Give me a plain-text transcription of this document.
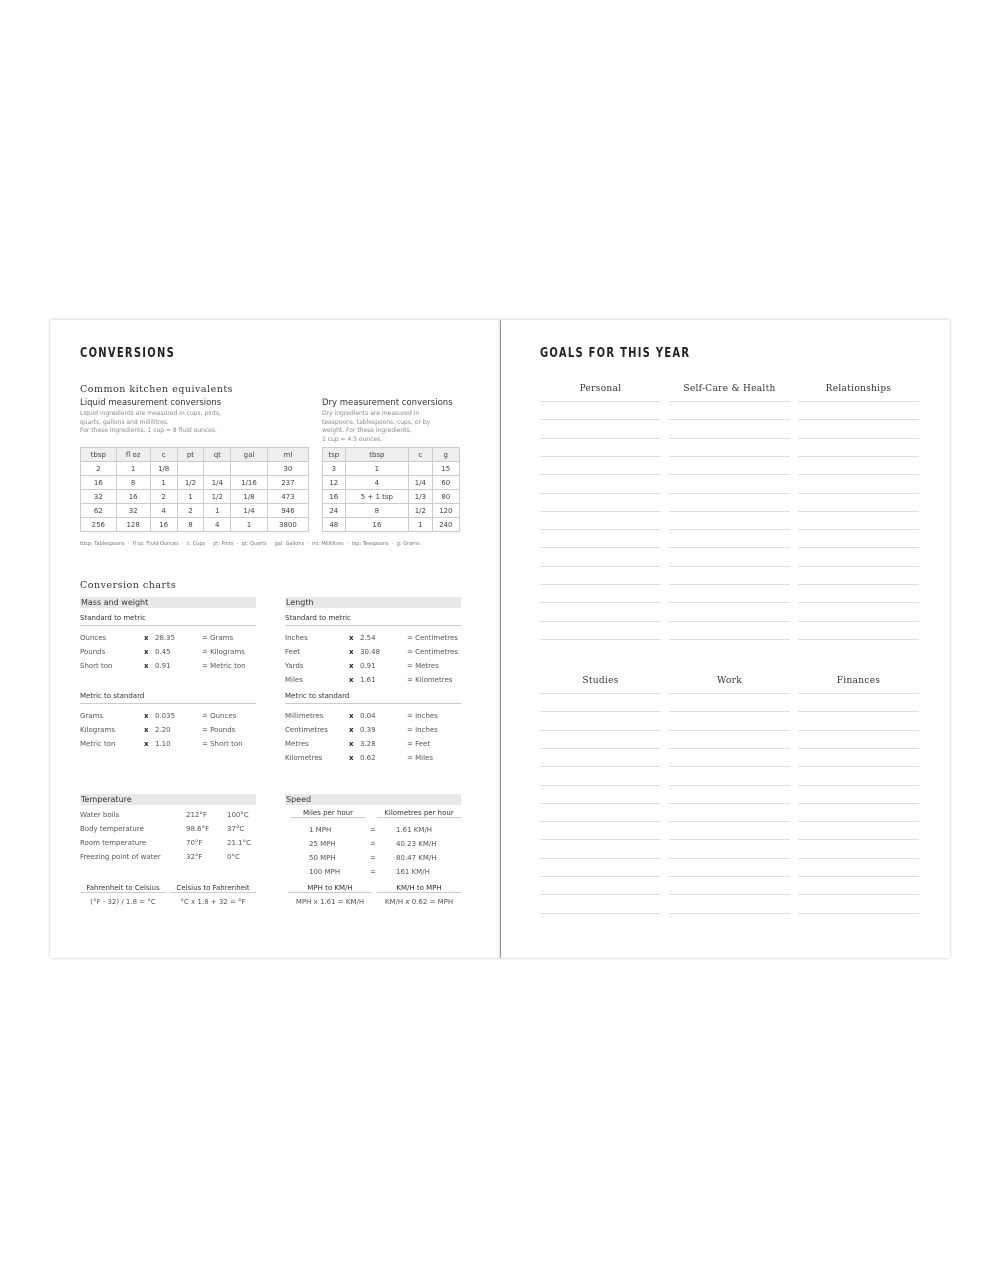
CONVERSIONS
Common kitchen equivalents
Liquid measurement conversions
Liquid ingredients are measured in cups, pints,
quarts, gallons and millilitres.
For these ingredients, 1 cup = 8 fluid ounces.
Dry measurement conversions
Dry ingredients are measured in
teaspoons, tablespoons, cups, or by
weight. For these ingredients,
1 cup = 4.5 ounces.
tbsp	fl oz	c	pt	qt	gal	ml
2	1	1/8				30
16	8	1	1/2	1/4	1/16	237
32	16	2	1	1/2	1/8	473
62	32	4	2	1	1/4	946
256	128	16	8	4	1	3800
tsp	tbsp	c	g
3	1		15
12	4	1/4	60
16	5 + 1 tsp	1/3	80
24	8	1/2	120
48	16	1	240
tbsp: Tablespoons  ·  fl oz: Fluid Ounces  ·  c: Cups  ·  pt: Pints  ·  qt: Quarts  ·  gal: Gallons  ·  ml: Millilitres  ·  tsp: Teaspoons  ·  g: Grams
Conversion charts
Mass and weight
Standard to metric
Ounces	x 28.35	= Grams
Pounds	x 0.45	= Kilograms
Short ton	x 0.91	= Metric ton
Metric to standard
Grams	x 0.035	= Ounces
Kilograms	x 2.20	= Pounds
Metric ton	x 1.10	= Short ton
Length
Standard to metric
Inches	x 2.54	= Centimetres
Feet	x 30.48	= Centimetres
Yards	x 0.91	= Metres
Miles	x 1.61	= Kilometres
Metric to standard
Millimetres	x 0.04	= Inches
Centimetres	x 0.39	= Inches
Metres	x 3.28	= Feet
Kilometres	x 0.62	= Miles
Temperature
Water boils	212°F	100°C
Body temperature	98.6°F	37°C
Room temperature	70°F	21.1°C
Freezing point of water	32°F	0°C
Fahrenheit to Celsius
(°F - 32) / 1.8 = °C
Celsius to Fahrenheit
°C x 1.8 + 32 = °F
Speed
Miles per hour	Kilometres per hour
1 MPH	=	1.61 KM/H
25 MPH	=	40.23 KM/H
50 MPH	=	80.47 KM/H
100 MPH	=	161 KM/H
MPH to KM/H
MPH x 1.61 = KM/H
KM/H to MPH
KM/H x 0.62 = MPH
GOALS FOR THIS YEAR
Personal	Self-Care & Health	Relationships
Studies	Work	Finances
